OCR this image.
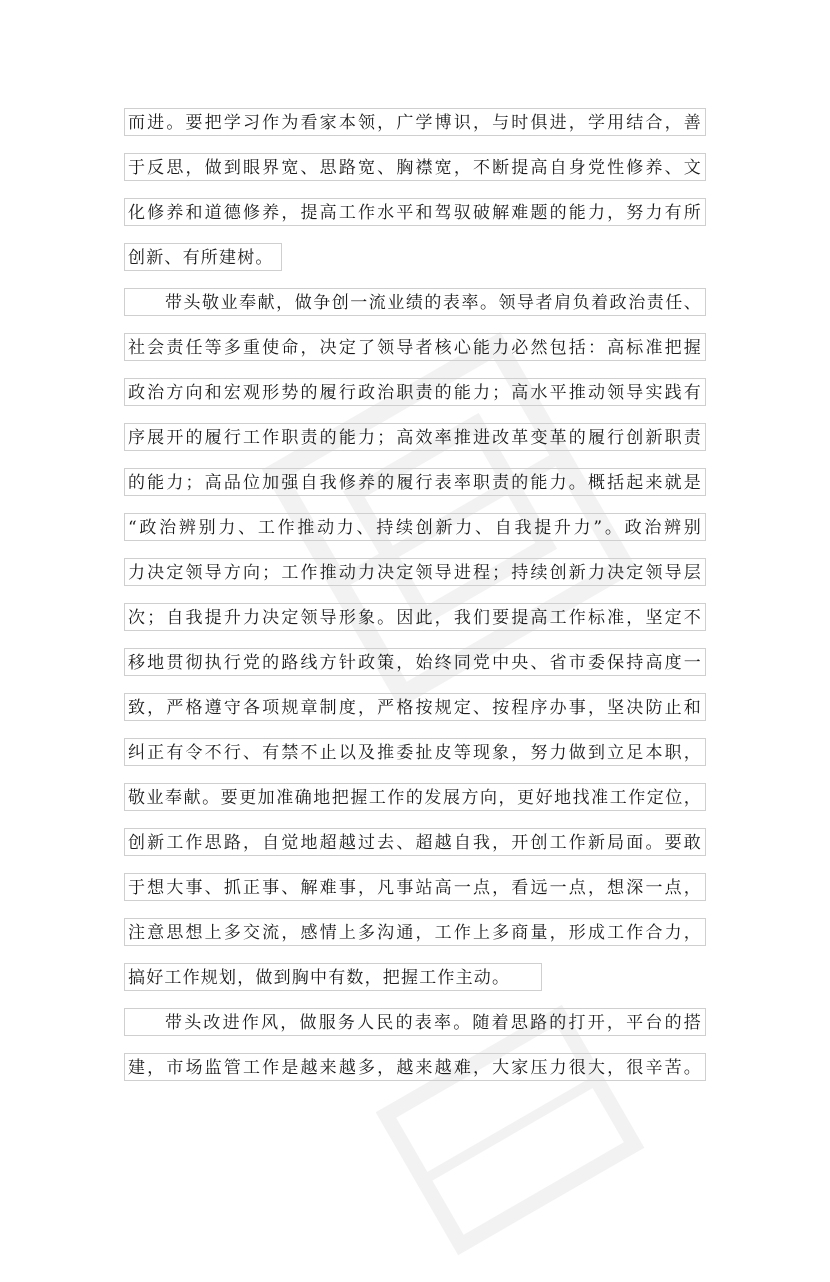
而进。要把学习作为看家本领，广学博识，与时俱进，学用结合，善
于反思，做到眼界宽、思路宽、胸襟宽，不断提高自身党性修养、文
化修养和道德修养，提高工作水平和驾驭破解难题的能力，努力有所
创新、有所建树。
带头敬业奉献，做争创一流业绩的表率。领导者肩负着政治责任、
社会责任等多重使命，决定了领导者核心能力必然包括：高标准把握
政治方向和宏观形势的履行政治职责的能力；高水平推动领导实践有
序展开的履行工作职责的能力；高效率推进改革变革的履行创新职责
的能力；高品位加强自我修养的履行表率职责的能力。概括起来就是
“政治辨别力、工作推动力、持续创新力、自我提升力”。政治辨别
力决定领导方向；工作推动力决定领导进程；持续创新力决定领导层
次；自我提升力决定领导形象。因此，我们要提高工作标准，坚定不
移地贯彻执行党的路线方针政策，始终同党中央、省市委保持高度一
致，严格遵守各项规章制度，严格按规定、按程序办事，坚决防止和
纠正有令不行、有禁不止以及推委扯皮等现象，努力做到立足本职，
敬业奉献。要更加准确地把握工作的发展方向，更好地找准工作定位，
创新工作思路，自觉地超越过去、超越自我，开创工作新局面。要敢
于想大事、抓正事、解难事，凡事站高一点，看远一点，想深一点，
注意思想上多交流，感情上多沟通，工作上多商量，形成工作合力，
搞好工作规划，做到胸中有数，把握工作主动。
带头改进作风，做服务人民的表率。随着思路的打开，平台的搭
建，市场监管工作是越来越多，越来越难，大家压力很大，很辛苦。
